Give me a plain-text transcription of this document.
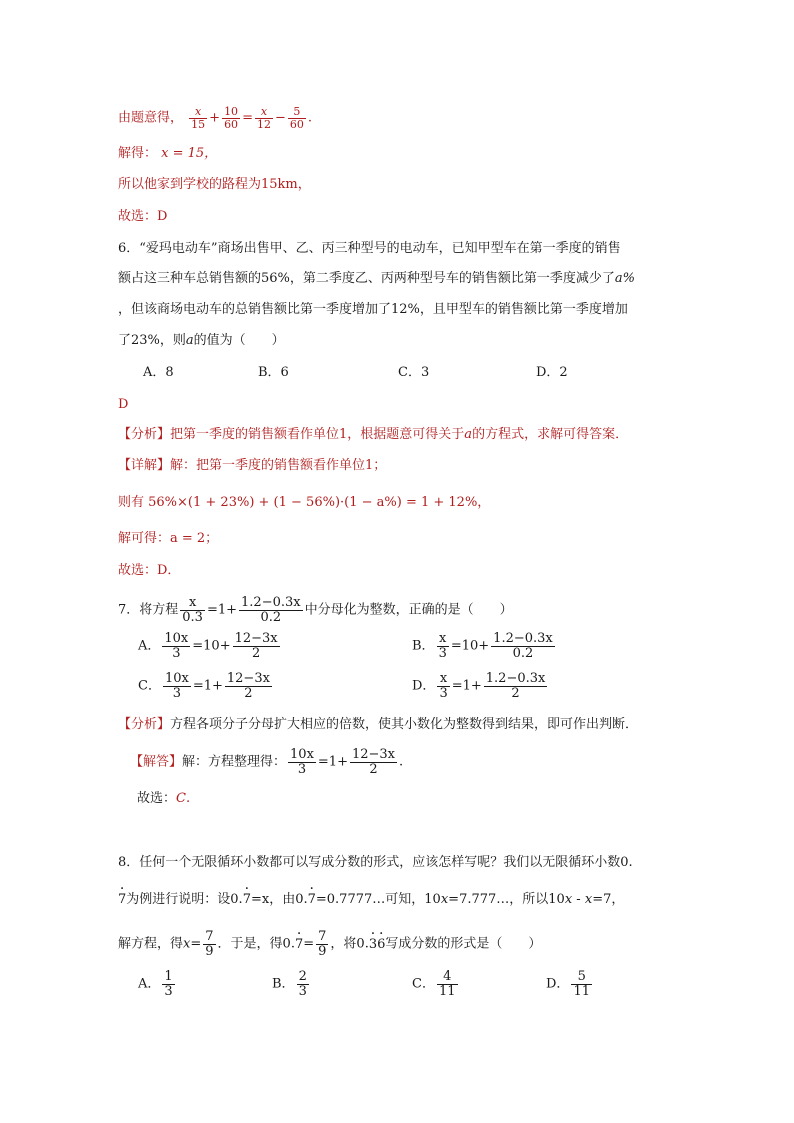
由题意得， $\frac{x}{15} + \frac{10}{60} = \frac{x}{12} - \frac{5}{60}$ .
解得： x = 15，
所以他家到学校的路程为15km，
故选：D
6．“爱玛电动车”商场出售甲、乙、丙三种型号的电动车，已知甲型车在第一季度的销售
额占这三种车总销售额的56%，第二季度乙、丙两种型号车的销售额比第一季度减少了a%
，但该商场电动车的总销售额比第一季度增加了12%，且甲型车的销售额比第一季度增加
了23%，则a的值为（　　）
A．8	B．6	C．3	D．2
D
【分析】把第一季度的销售额看作单位1，根据题意可得关于a的方程式，求解可得答案．
【详解】解：把第一季度的销售额看作单位1；
则有 56%×(1 + 23%) + (1 − 56%)·(1 − a%) = 1 + 12%，
解可得：a = 2；
故选：D．
7．将方程 $\frac{x}{0.3} =1+ \frac{1.2-0.3x}{0.2}$ 中分母化为整数，正确的是（　　）
A． $\frac{10x}{3} =10+ \frac{12-3x}{2}$	B． $\frac{x}{3} =10+ \frac{1.2-0.3x}{0.2}$
C． $\frac{10x}{3} =1+ \frac{12-3x}{2}$	D． $\frac{x}{3} =1+ \frac{1.2-0.3x}{2}$
【分析】方程各项分子分母扩大相应的倍数，使其小数化为整数得到结果，即可作出判断．
【解答】解：方程整理得： $\frac{10x}{3} =1+ \frac{12-3x}{2}$ .
故选：C.
8．任何一个无限循环小数都可以写成分数的形式，应该怎样写呢？我们以无限循环小数0.
· 7为例进行说明：设0.· 7=x，由0.· 7=0.7777…可知，10x=7.777…，所以10x - x=7，
解方程，得$x= \frac{7}{9}$ ．于是，得$0.\cdot 7= \frac{7}{9}$ ，将0.· 3· 6写成分数的形式是（　　）
A． $\frac{1}{3}$	B． $\frac{2}{3}$	C． $\frac{4}{11}$	D． $\frac{5}{11}$
